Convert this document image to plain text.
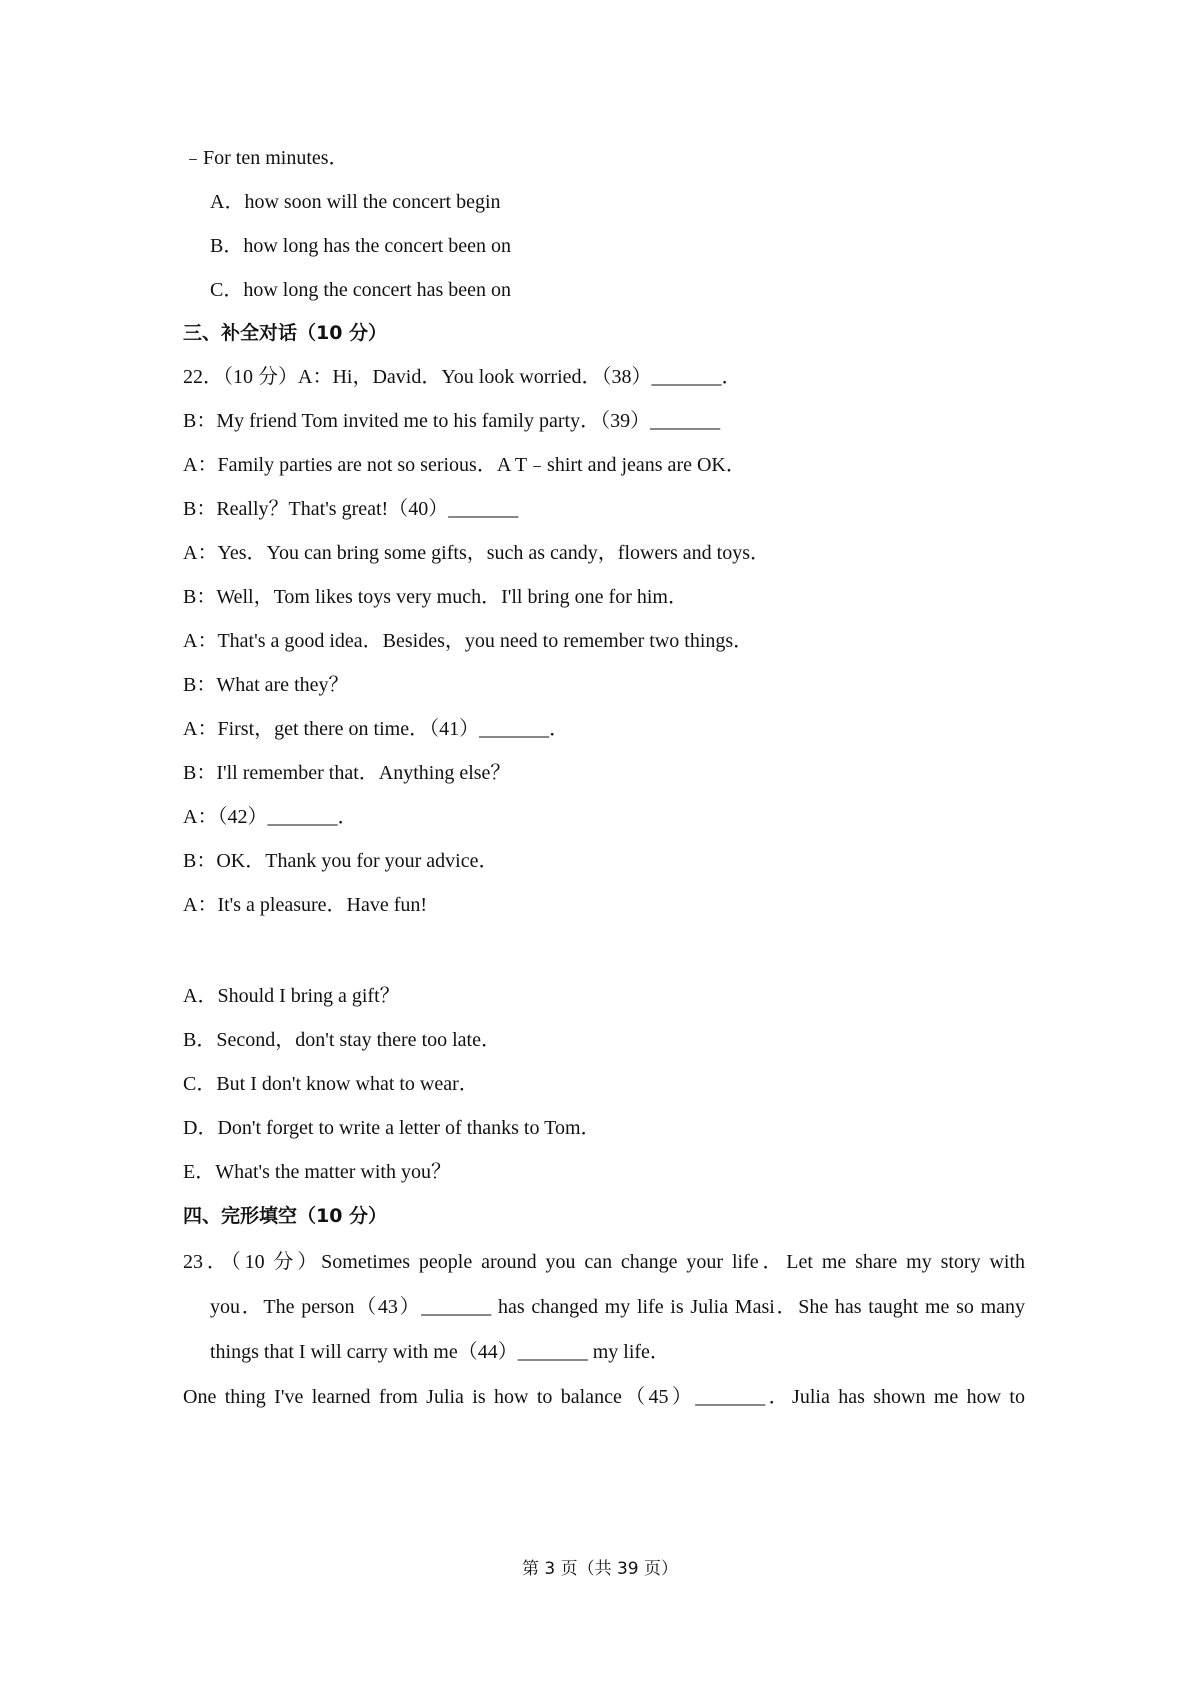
﹣For ten minutes．
A．how soon will the concert begin
B．how long has the concert been on
C．how long the concert has been on
三、补全对话（10 分）
22．（10 分）A：Hi，David．You look worried．（38）_______．
B：My friend Tom invited me to his family party．（39）_______
A：Family parties are not so serious．A T﹣shirt and jeans are OK．
B：Really？That's great!（40）_______
A：Yes．You can bring some gifts，such as candy，flowers and toys．
B：Well，Tom likes toys very much．I'll bring one for him．
A：That's a good idea．Besides，you need to remember two things．
B：What are they？
A：First，get there on time．（41）_______．
B：I'll remember that．Anything else？
A：（42）_______．
B：OK．Thank you for your advice．
A：It's a pleasure．Have fun!
A．Should I bring a gift？
B．Second，don't stay there too late．
C．But I don't know what to wear．
D．Don't forget to write a letter of thanks to Tom．
E．What's the matter with you？
四、完形填空（10 分）
23．（10 分）Sometimes people around you can change your life．Let me share my story with
you．The person（43）_______ has changed my life is Julia Masi．She has taught me so many
things that I will carry with me（44）_______ my life．
One thing I've learned from Julia is how to balance（45）_______．Julia has shown me how to
第 3 页（共 39 页）
